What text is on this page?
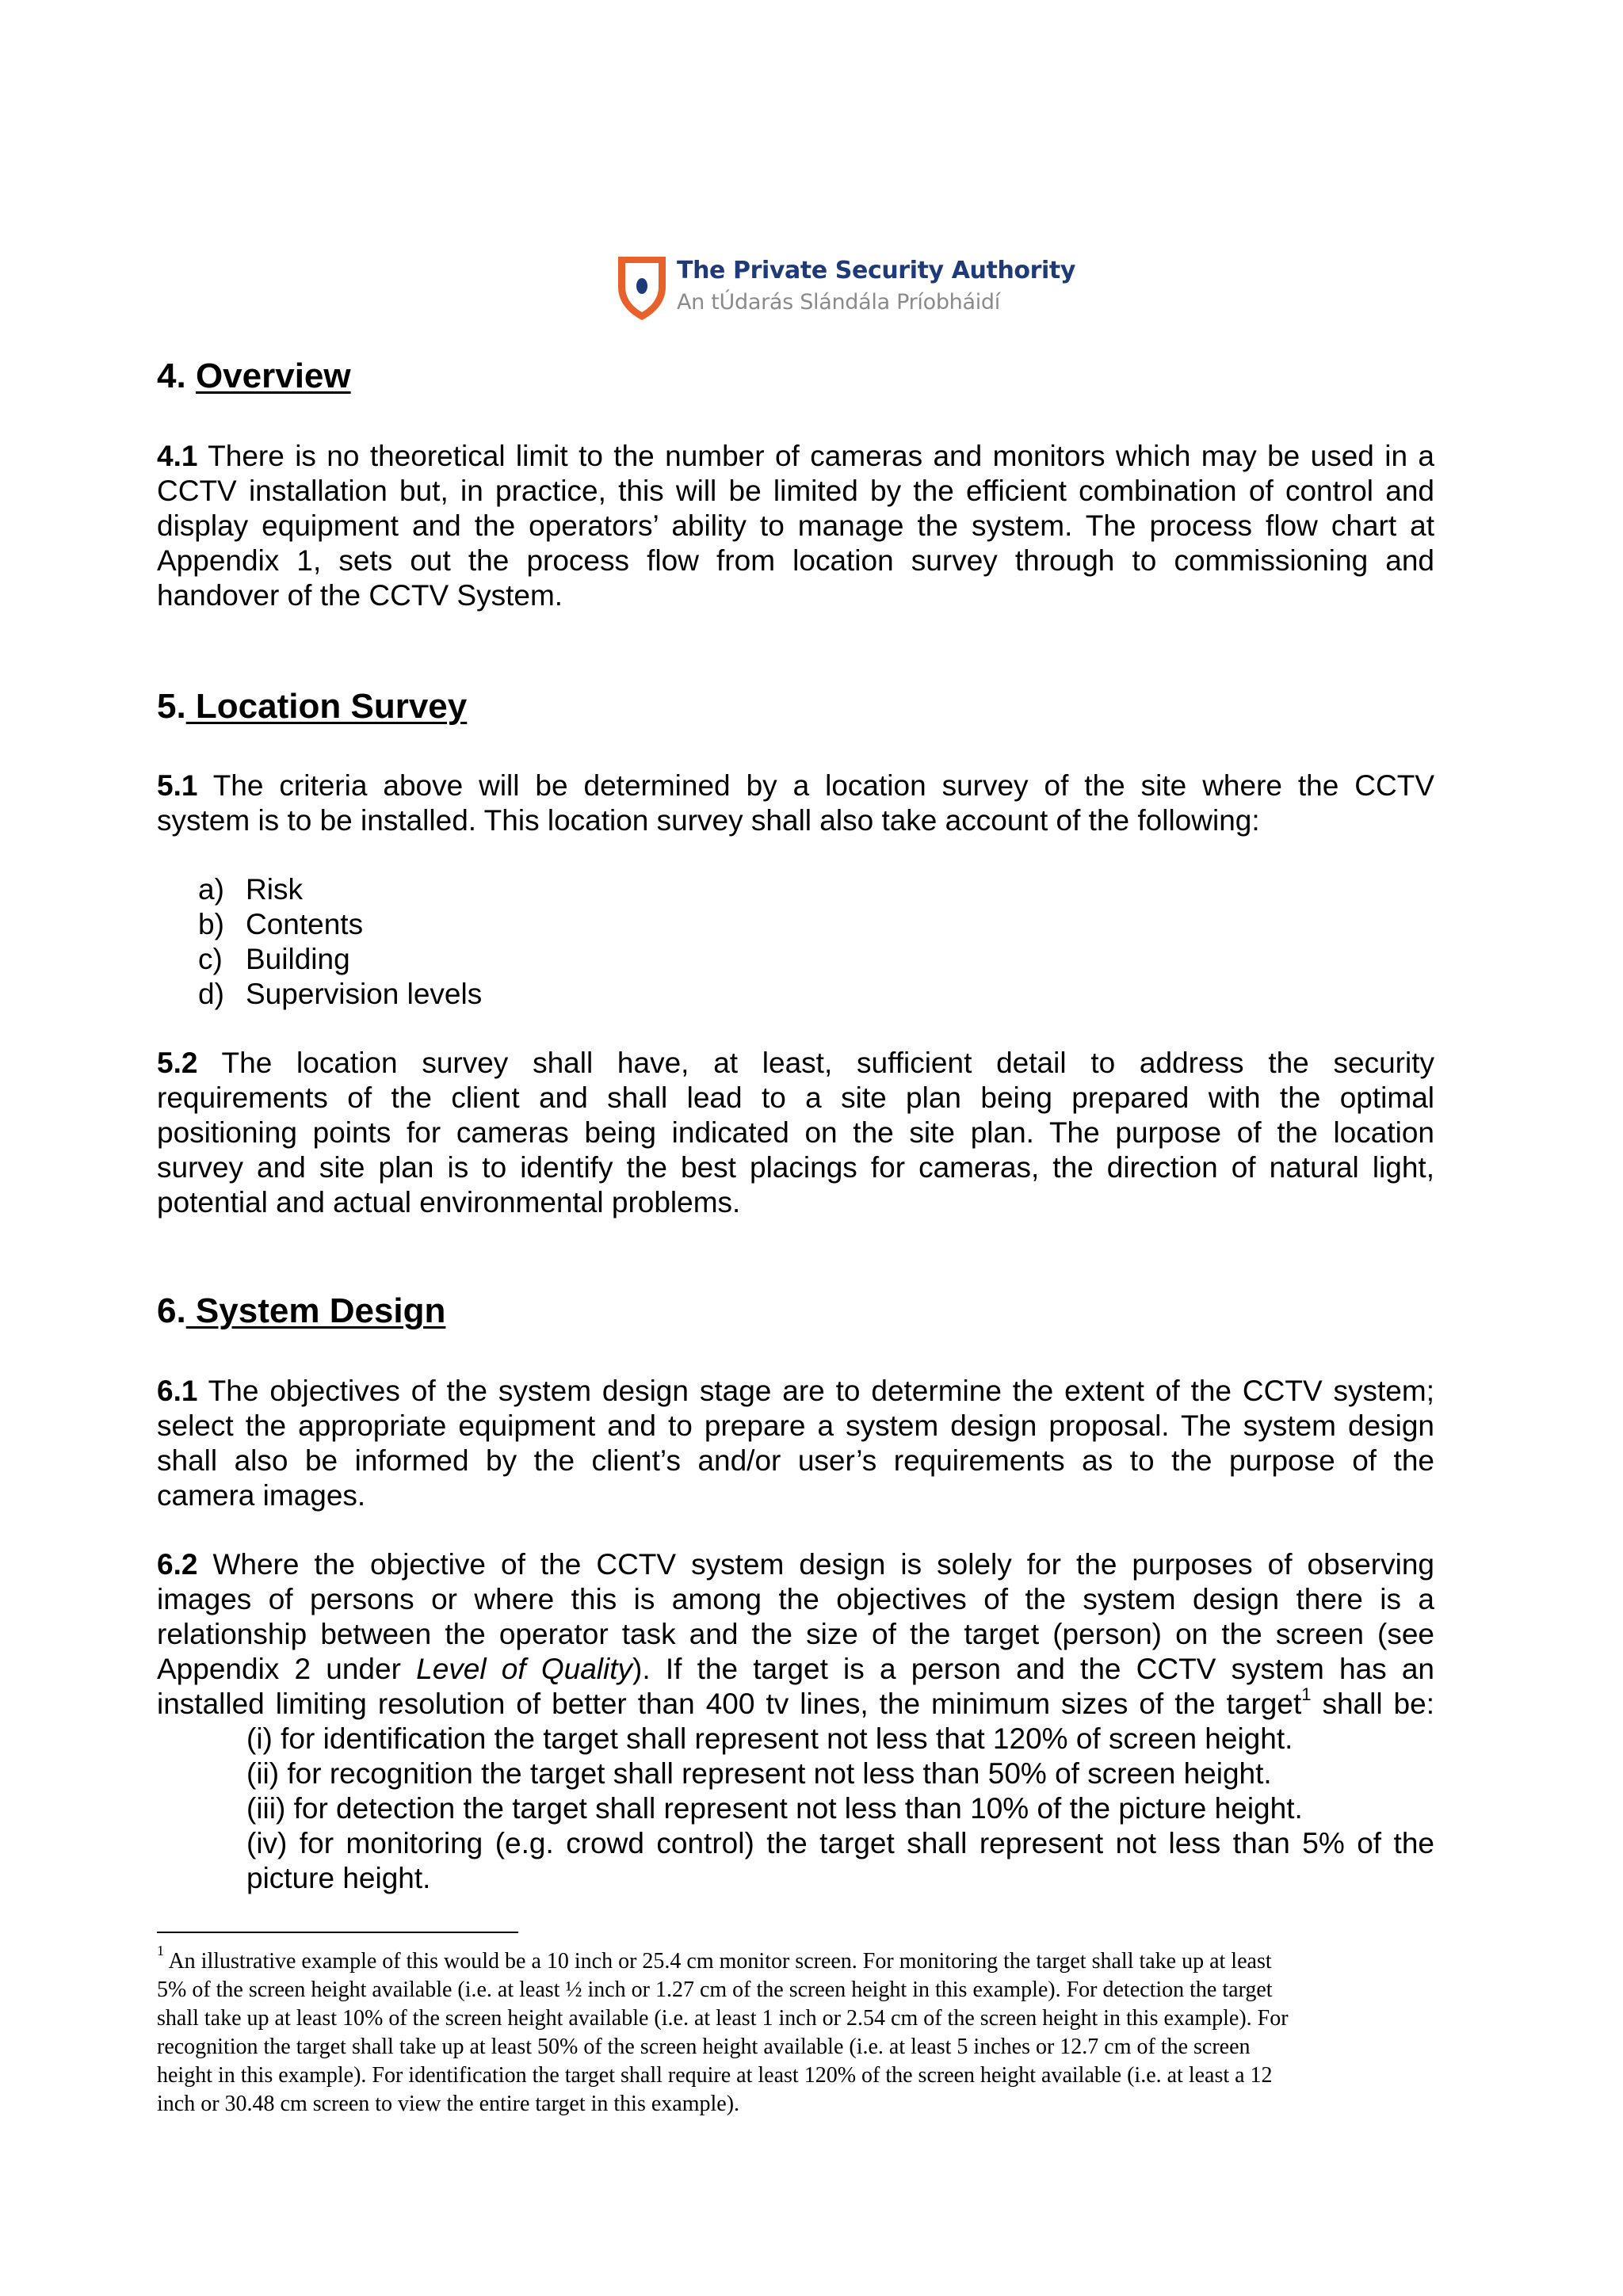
The Private Security Authority
An tÚdarás Slándála Príobháidí
4. Overview
4.1 There is no theoretical limit to the number of cameras and monitors which may be used in a
CCTV installation but, in practice, this will be limited by the efficient combination of control and
display equipment and the operators’ ability to manage the system. The process flow chart at
Appendix 1, sets out the process flow from location survey through to commissioning and
handover of the CCTV System.
5. Location Survey
5.1 The criteria above will be determined by a location survey of the site where the CCTV
system is to be installed. This location survey shall also take account of the following:
a) Risk
b) Contents
c) Building
d) Supervision levels
5.2 The location survey shall have, at least, sufficient detail to address the security
requirements of the client and shall lead to a site plan being prepared with the optimal
positioning points for cameras being indicated on the site plan. The purpose of the location
survey and site plan is to identify the best placings for cameras, the direction of natural light,
potential and actual environmental problems.
6. System Design
6.1 The objectives of the system design stage are to determine the extent of the CCTV system;
select the appropriate equipment and to prepare a system design proposal. The system design
shall also be informed by the client’s and/or user’s requirements as to the purpose of the
camera images.
6.2 Where the objective of the CCTV system design is solely for the purposes of observing
images of persons or where this is among the objectives of the system design there is a
relationship between the operator task and the size of the target (person) on the screen (see
Appendix 2 under Level of Quality). If the target is a person and the CCTV system has an
installed limiting resolution of better than 400 tv lines, the minimum sizes of the target$^1$ shall be:
(i) for identification the target shall represent not less that 120% of screen height.
(ii) for recognition the target shall represent not less than 50% of screen height.
(iii) for detection the target shall represent not less than 10% of the picture height.
(iv) for monitoring (e.g. crowd control) the target shall represent not less than 5% of the
picture height.
$^1$ An illustrative example of this would be a 10 inch or 25.4 cm monitor screen. For monitoring the target shall take up at least
5% of the screen height available (i.e. at least ½ inch or 1.27 cm of the screen height in this example). For detection the target
shall take up at least 10% of the screen height available (i.e. at least 1 inch or 2.54 cm of the screen height in this example). For
recognition the target shall take up at least 50% of the screen height available (i.e. at least 5 inches or 12.7 cm of the screen
height in this example). For identification the target shall require at least 120% of the screen height available (i.e. at least a 12
inch or 30.48 cm screen to view the entire target in this example).
